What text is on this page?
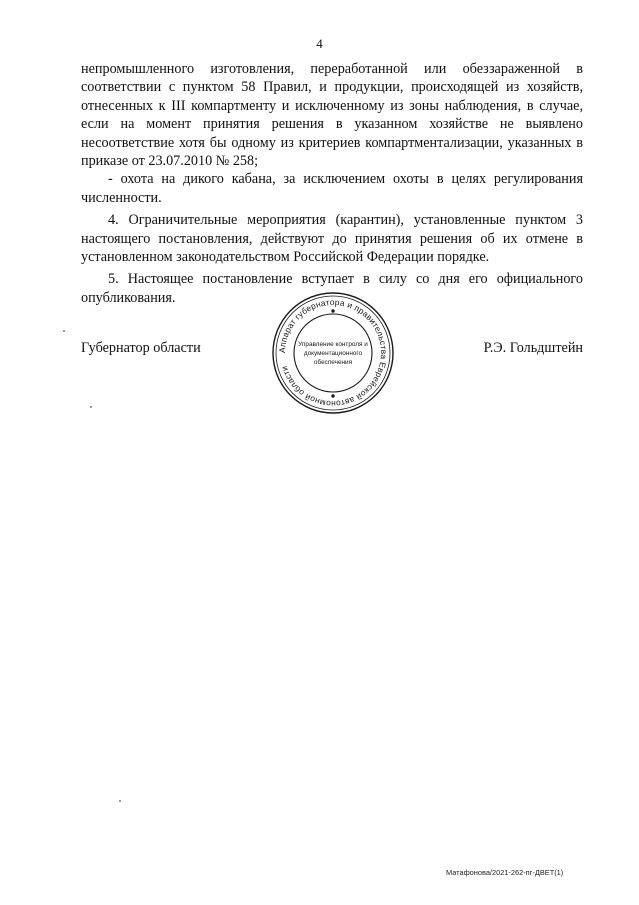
4

непромышленного изготовления, переработанной или обеззараженной в соответствии с пунктом 58 Правил, и продукции, происходящей из хозяйств, отнесенных к III компартменту и исключенному из зоны наблюдения, в случае, если на момент принятия решения в указанном хозяйстве не выявлено несоответствие хотя бы одному из критериев компартментализации, указанных в приказе от 23.07.2010 № 258;

- охота на дикого кабана, за исключением охоты в целях регулирования численности.

4. Ограничительные мероприятия (карантин), установленные пунктом 3 настоящего постановления, действуют до принятия решения об их отмене в установленном законодательством Российской Федерации порядке.

5. Настоящее постановление вступает в силу со дня его официального опубликования.

Губернатор области	Р.Э. Гольдштейн
Аппарат губернатора и правительства Еврейской автономной области
Управление контроля и
документационного
обеспечения
Матафонова/2021-262-пг-ДВЕТ(1)
